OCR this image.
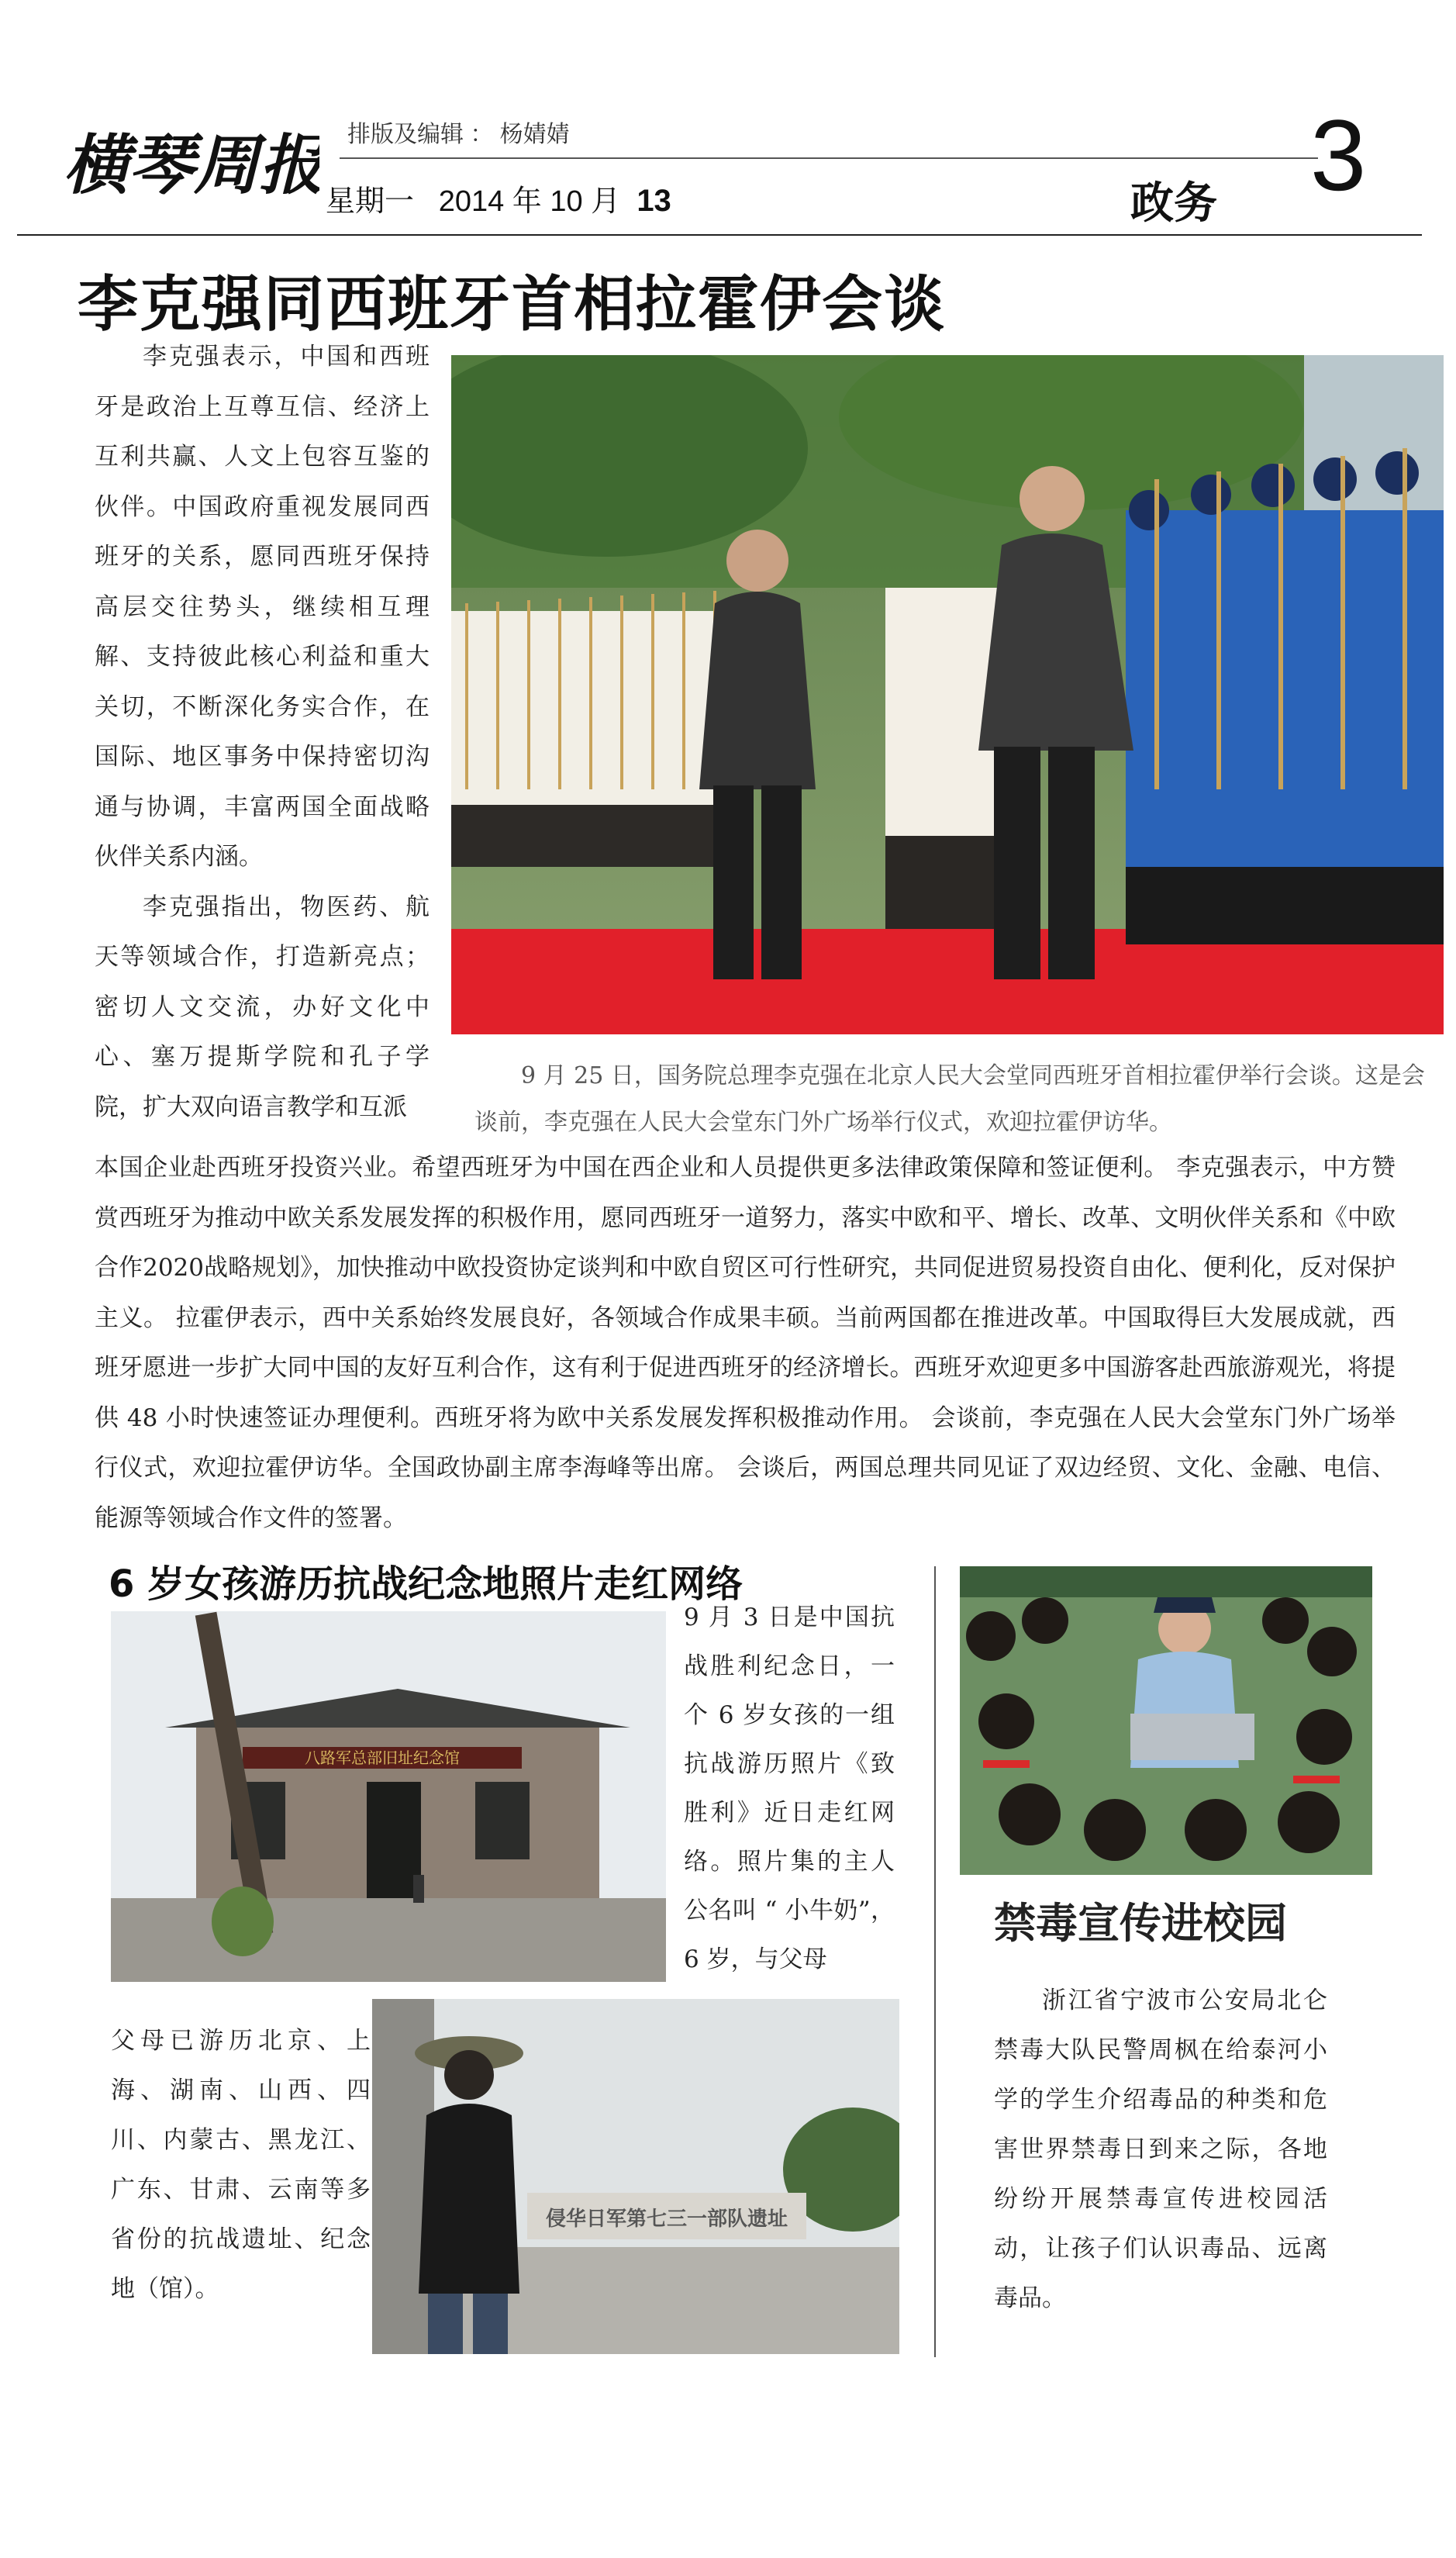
横琴周报 排版及编辑 ： 杨婧婧
星期一 2014 年 10 月 13	政务 3
李克强同西班牙首相拉霍伊会谈

李克强表示，中国和西班牙是政治上互尊互信、经济上互利共赢、人文上包容互鉴的伙伴。中国政府重视发展同西班牙的关系，愿同西班牙保持高层交往势头，继续相互理解、支持彼此核心利益和重大关切，不断深化务实合作，在国际、地区事务中保持密切沟通与协调，丰富两国全面战略伙伴关系内涵。

李克强指出，物医药、航天等领域合作，打造新亮点；密切人文交流，办好文化中心、塞万提斯学院和孔子学院，扩大双向语言教学和互派

9 月 25 日，国务院总理李克强在北京人民大会堂同西班牙首相拉霍伊举行会谈。这是会谈前，李克强在人民大会堂东门外广场举行仪式，欢迎拉霍伊访华。

本国企业赴西班牙投资兴业。希望西班牙为中国在西企业和人员提供更多法律政策保障和签证便利。 李克强表示，中方赞赏西班牙为推动中欧关系发展发挥的积极作用，愿同西班牙一道努力，落实中欧和平、增长、改革、文明伙伴关系和《中欧合作2020战略规划》，加快推动中欧投资协定谈判和中欧自贸区可行性研究，共同促进贸易投资自由化、便利化，反对保护主义。 拉霍伊表示，西中关系始终发展良好，各领域合作成果丰硕。当前两国都在推进改革。中国取得巨大发展成就，西班牙愿进一步扩大同中国的友好互利合作，这有利于促进西班牙的经济增长。西班牙欢迎更多中国游客赴西旅游观光，将提供 48 小时快速签证办理便利。西班牙将为欧中关系发展发挥积极推动作用。 会谈前，李克强在人民大会堂东门外广场举行仪式，欢迎拉霍伊访华。全国政协副主席李海峰等出席。 会谈后，两国总理共同见证了双边经贸、文化、金融、电信、能源等领域合作文件的签署。

6 岁女孩游历抗战纪念地照片走红网络
八路军总部旧址纪念馆
9 月 3 日是中国抗战胜利纪念日，一个 6 岁女孩的一组抗战游历照片《致胜利》近日走红网络。照片集的主人公名叫 “ 小牛奶”，6 岁，与父母
父母已游历北京、上海、湖南、山西、四川、内蒙古、黑龙江、广东、甘肃、云南等多省份的抗战遗址、纪念地（馆）。
侵华日军第七三一部队遗址
禁毒宣传进校园

浙江省宁波市公安局北仑禁毒大队民警周枫在给泰河小学的学生介绍毒品的种类和危害世界禁毒日到来之际，各地纷纷开展禁毒宣传进校园活动，让孩子们认识毒品、远离毒品。
